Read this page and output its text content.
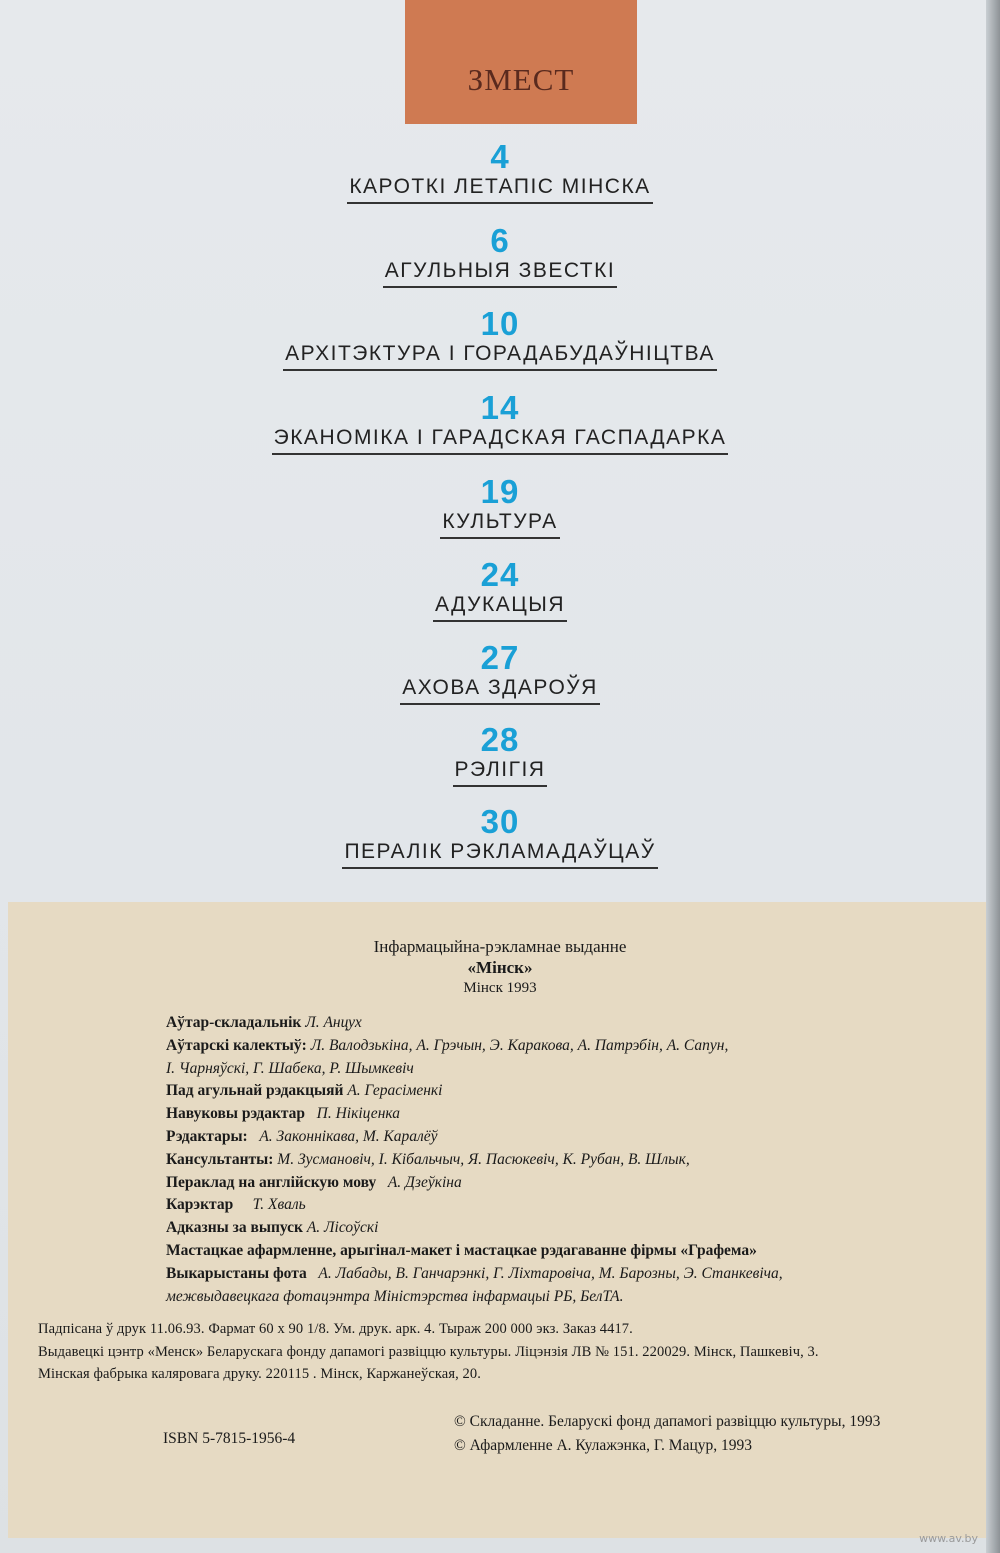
ЗМЕСТ
4
КАРОТКІ ЛЕТАПІС МІНСКА
6
АГУЛЬНЫЯ ЗВЕСТКІ
10
АРХІТЭКТУРА І ГОРАДАБУДАЎНІЦТВА
14
ЭКАНОМІКА І ГАРАДСКАЯ ГАСПАДАРКА
19
КУЛЬТУРА
24
АДУКАЦЫЯ
27
АХОВА ЗДАРОЎЯ
28
РЭЛІГІЯ
30
ПЕРАЛІК РЭКЛАМАДАЎЦАЎ
Інфармацыйна-рэкламнае выданне
«Мінск»
Мінск 1993
Аўтар-складальнік Л. Анцух
Аўтарскі калектыў: Л. Валодзькіна, А. Грэчын, Э. Каракова, А. Патрэбін, А. Сапун,
І. Чарняўскі, Г. Шабека, Р. Шымкевіч
Пад агульнай рэдакцыяй А. Герасіменкі
Навуковы рэдактар П. Нікіценка
Рэдактары: А. Законнікава, М. Каралёў
Кансультанты: М. Зусмановіч, І. Кібальчыч, Я. Пасюкевіч, К. Рубан, В. Шлык,
Пераклад на англійскую мову А. Дзеўкіна
Карэктар Т. Хваль
Адказны за выпуск А. Лісоўскі
Мастацкае афармленне, арыгінал-макет і мастацкае рэдагаванне фірмы «Графема»
Выкарыстаны фота А. Лабады, В. Ганчарэнкі, Г. Ліхтаровіча, М. Барозны, Э. Станкевіча,
межвыдавецкага фотацэнтра Міністэрства інфармацыі РБ, БелТА.
Падпісана ў друк 11.06.93. Фармат 60 х 90 1/8. Ум. друк. арк. 4. Тыраж 200 000 экз. Заказ 4417.
Выдавецкі цэнтр «Менск» Беларускага фонду дапамогі развіццю культуры. Ліцэнзія ЛВ № 151. 220029. Мінск, Пашкевіч, 3.
Мінская фабрыка каляровага друку. 220115 . Мінск, Каржанеўская, 20.
ISBN 5-7815-1956-4
© Складанне. Беларускі фонд дапамогі развіццю культуры, 1993
© Афармленне А. Кулажэнка, Г. Мацур, 1993
www.av.by
